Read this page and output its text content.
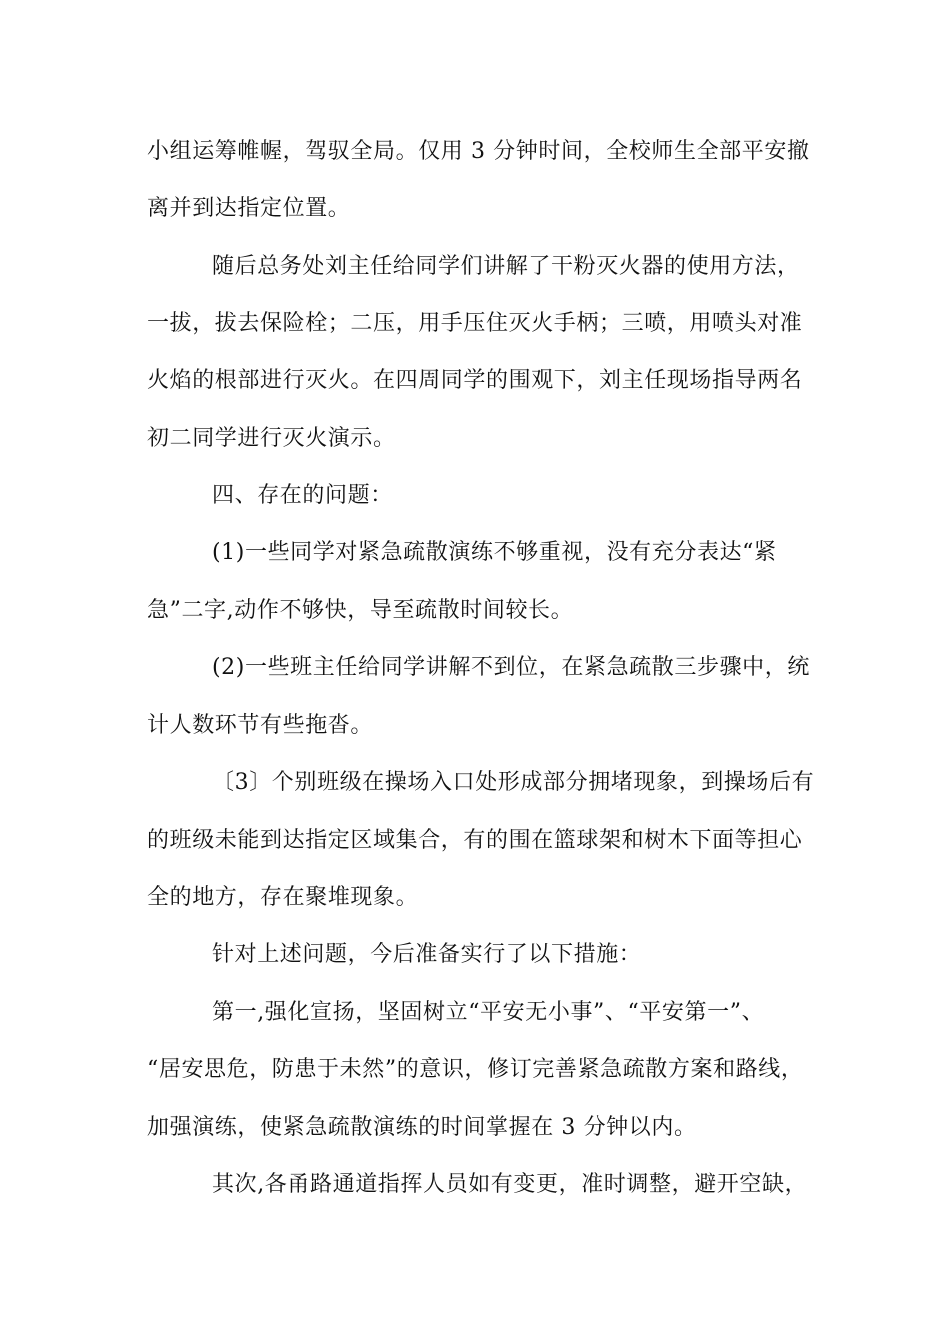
小组运筹帷幄，驾驭全局。仅用 3 分钟时间，全校师生全部平安撤
离并到达指定位置。
随后总务处刘主任给同学们讲解了干粉灭火器的使用方法，
一拔，拔去保险栓；二压，用手压住灭火手柄；三喷，用喷头对准
火焰的根部进行灭火。在四周同学的围观下，刘主任现场指导两名
初二同学进行灭火演示。
四、存在的问题：
(1)一些同学对紧急疏散演练不够重视，没有充分表达“紧
急”二字,动作不够快，导至疏散时间较长。
(2)一些班主任给同学讲解不到位，在紧急疏散三步骤中，统
计人数环节有些拖沓。
〔3〕个别班级在操场入口处形成部分拥堵现象，到操场后有
的班级未能到达指定区域集合，有的围在篮球架和树木下面等担心
全的地方，存在聚堆现象。
针对上述问题，今后准备实行了以下措施：
第一,强化宣扬，坚固树立“平安无小事”、“平安第一”、
“居安思危，防患于未然”的意识，修订完善紧急疏散方案和路线，
加强演练，使紧急疏散演练的时间掌握在 3 分钟以内。
其次,各甬路通道指挥人员如有变更，准时调整，避开空缺，
